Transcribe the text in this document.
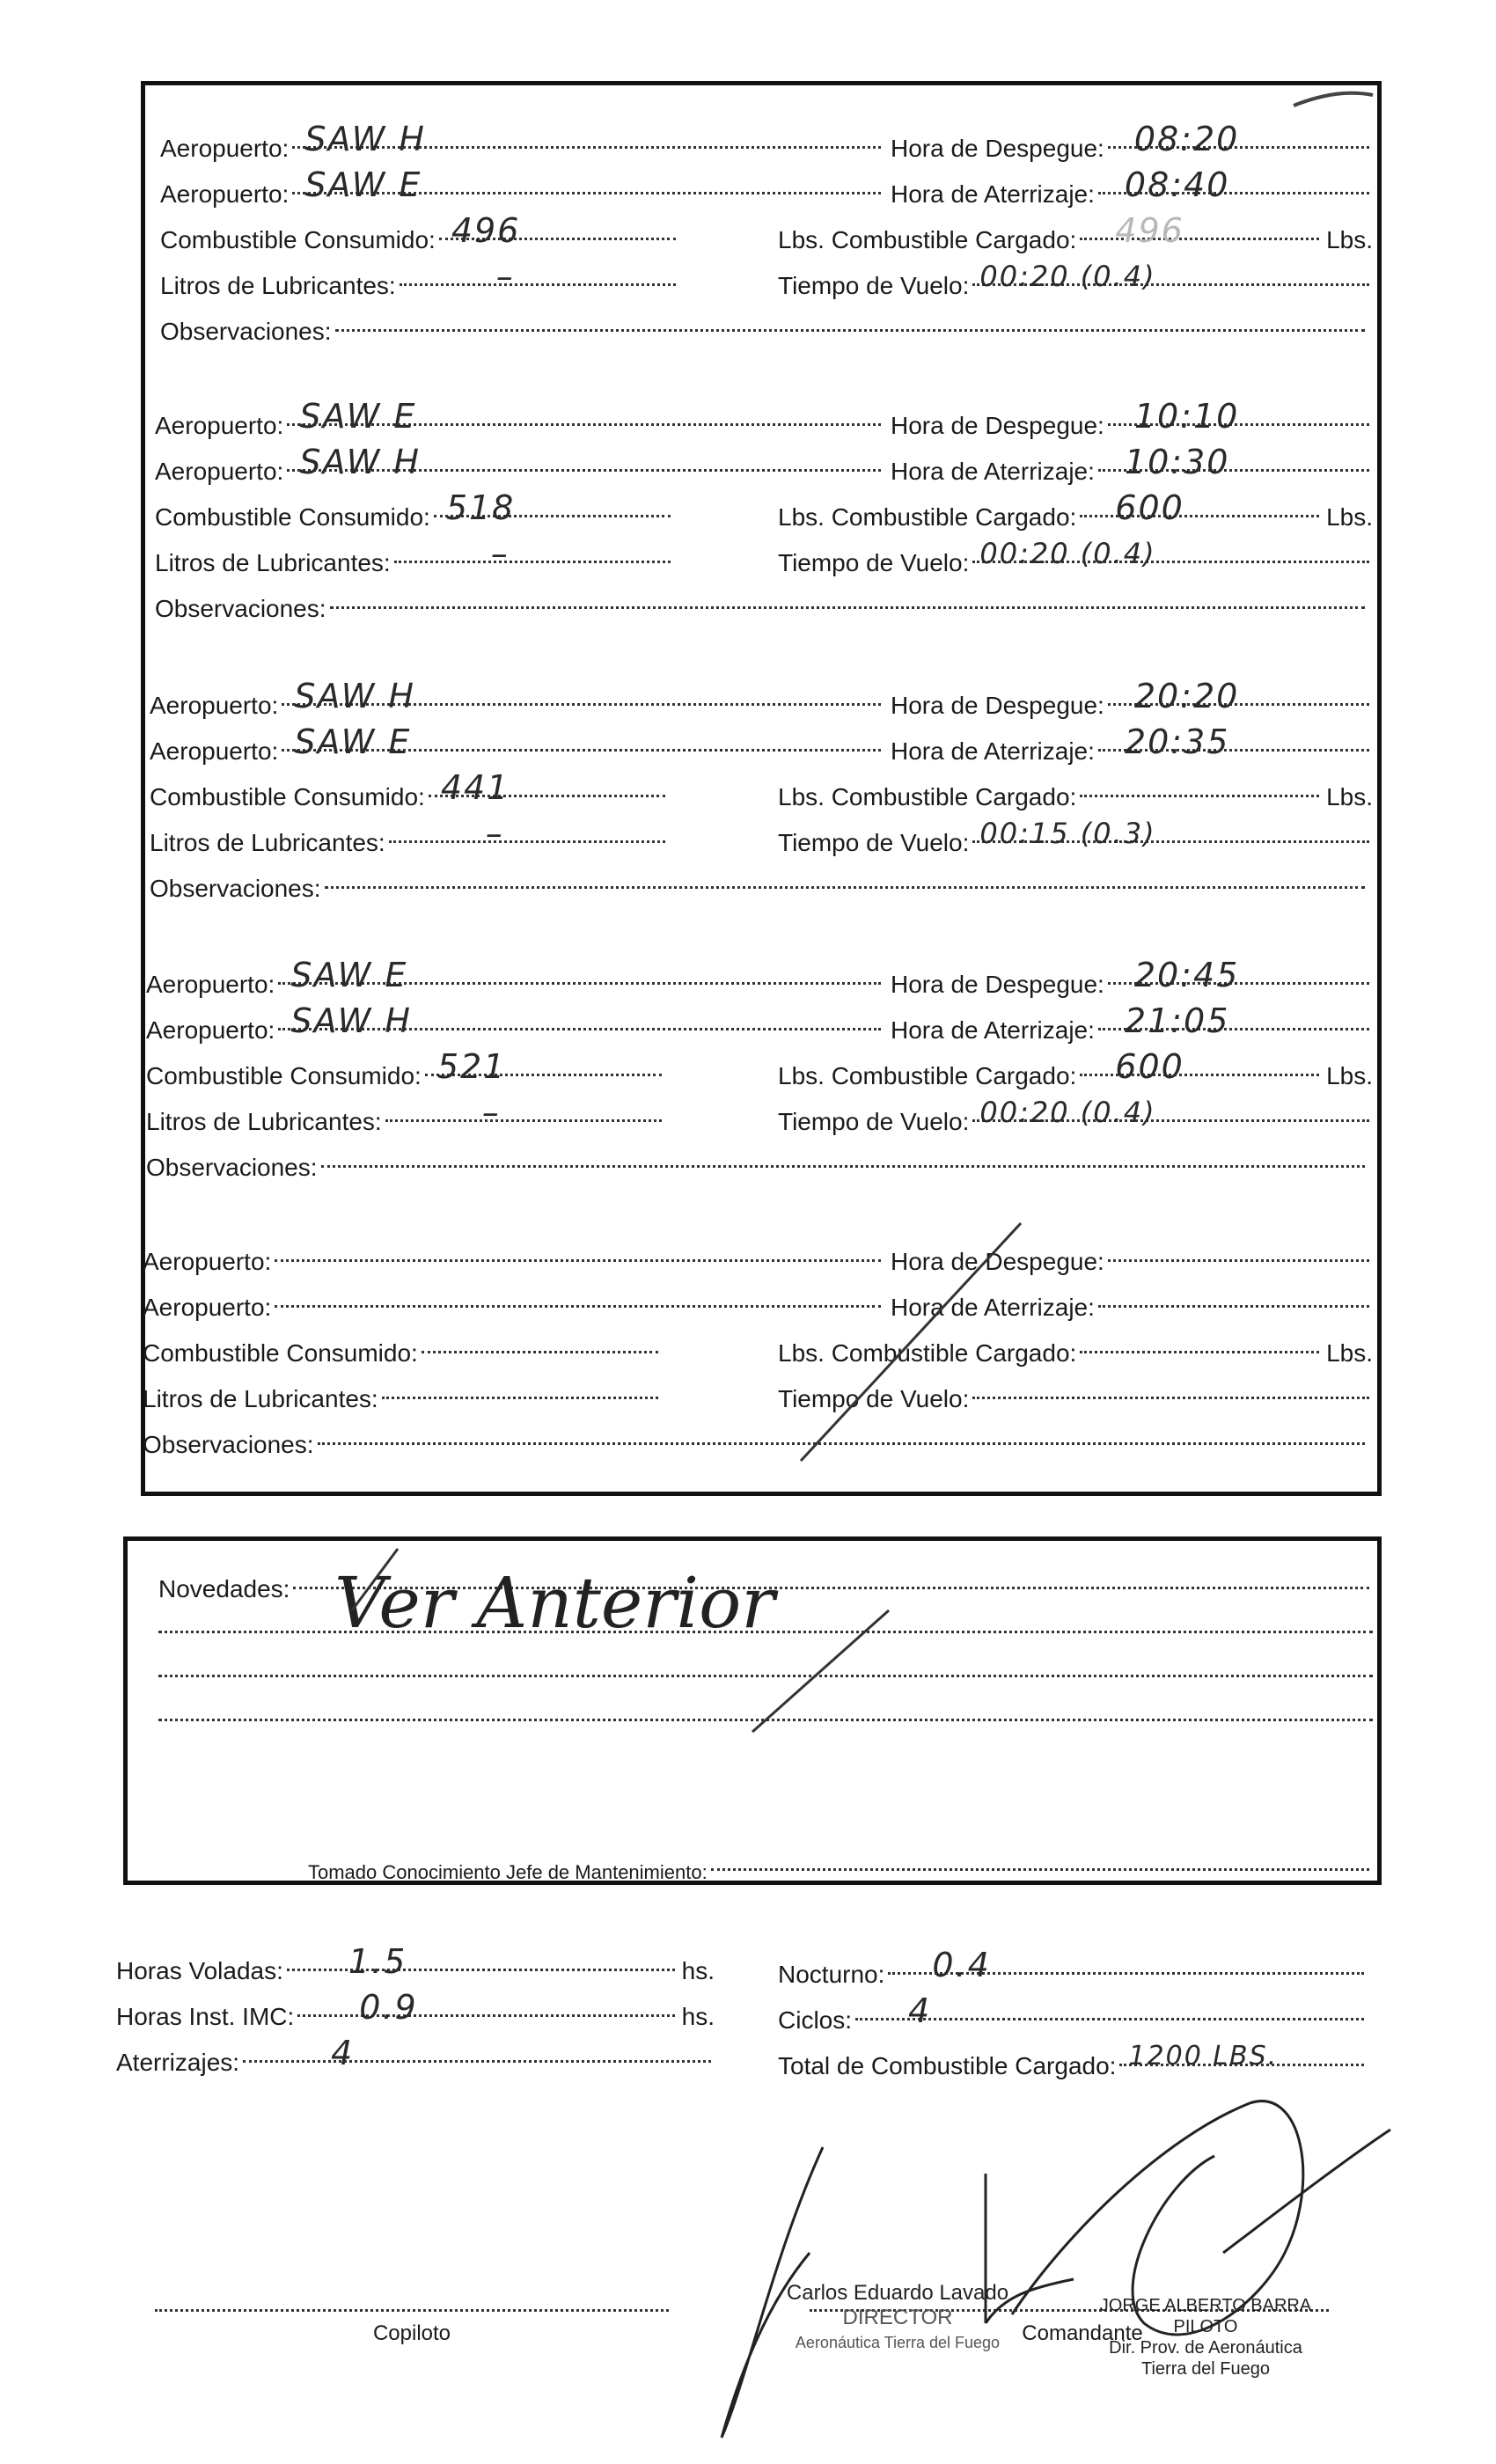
Aeropuerto: SAW H	Hora de Despegue: 08:20
Aeropuerto: SAW E	Hora de Aterrizaje: 08:40
Combustible Consumido: 496	Lbs. Combustible Cargado: 496	Lbs.
Litros de Lubricantes:	–	Tiempo de Vuelo: 00:20 (0.4)
Observaciones:
Aeropuerto: SAW E	Hora de Despegue: 10:10
Aeropuerto: SAW H	Hora de Aterrizaje: 10:30
Combustible Consumido: 518	Lbs. Combustible Cargado: 600	Lbs.
Litros de Lubricantes:	–	Tiempo de Vuelo: 00:20 (0.4)
Observaciones:
Aeropuerto: SAW H	Hora de Despegue: 20:20
Aeropuerto: SAW E	Hora de Aterrizaje: 20:35
Combustible Consumido: 441	Lbs. Combustible Cargado:	Lbs.
Litros de Lubricantes:	–	Tiempo de Vuelo: 00:15 (0.3)
Observaciones:
Aeropuerto: SAW E	Hora de Despegue: 20:45
Aeropuerto: SAW H	Hora de Aterrizaje: 21:05
Combustible Consumido: 521	Lbs. Combustible Cargado: 600	Lbs.
Litros de Lubricantes:	–	Tiempo de Vuelo: 00:20 (0.4)
Observaciones:
Aeropuerto:	Hora de Despegue:
Aeropuerto:	Hora de Aterrizaje:
Combustible Consumido:	Lbs. Combustible Cargado:	Lbs.
Litros de Lubricantes:	Tiempo de Vuelo:
Observaciones:
Novedades: Ver Anterior
Tomado Conocimiento Jefe de Mantenimiento:
Horas Voladas: 1.5	hs.
Horas Inst. IMC: 0.9	hs.
Aterrizajes:	4
Nocturno: 0.4
Ciclos: 4
Total de Combustible Cargado: 1200 LBS.
Copiloto	Comandante
Carlos Eduardo Lavado
DIRECTOR
Aeronáutica Tierra del Fuego
JORGE ALBERTO BARRA
PILOTO
Dir. Prov. de Aeronáutica
Tierra del Fuego
